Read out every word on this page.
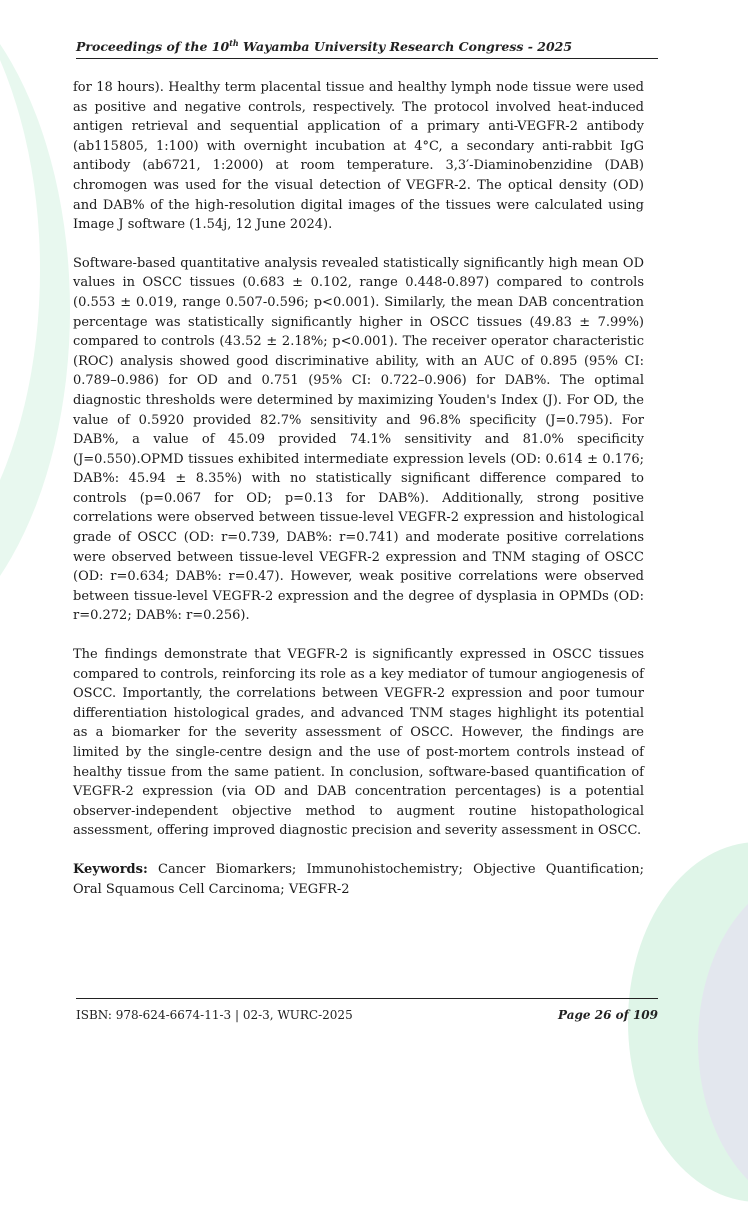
Proceedings of the 10th Wayamba University Research Congress - 2025

for 18 hours). Healthy term placental tissue and healthy lymph node tissue were used as positive and negative controls, respectively. The protocol involved heat-induced antigen retrieval and sequential application of a primary anti-VEGFR-2 antibody (ab115805, 1:100) with overnight incubation at 4°C, a secondary anti-rabbit IgG antibody (ab6721, 1:2000) at room temperature. 3,3′-Diaminobenzidine (DAB) chromogen was used for the visual detection of VEGFR-2. The optical density (OD) and DAB% of the high-resolution digital images of the tissues were calculated using Image J software (1.54j, 12 June 2024).

Software-based quantitative analysis revealed statistically significantly high mean OD values in OSCC tissues (0.683 ± 0.102, range 0.448-0.897) compared to controls (0.553 ± 0.019, range 0.507-0.596; p<0.001). Similarly, the mean DAB concentration percentage was statistically significantly higher in OSCC tissues (49.83 ± 7.99%) compared to controls (43.52 ± 2.18%; p<0.001). The receiver operator characteristic (ROC) analysis showed good discriminative ability, with an AUC of 0.895 (95% CI: 0.789–0.986) for OD and 0.751 (95% CI: 0.722–0.906) for DAB%. The optimal diagnostic thresholds were determined by maximizing Youden's Index (J). For OD, the value of 0.5920 provided 82.7% sensitivity and 96.8% specificity (J=0.795). For DAB%, a value of 45.09 provided 74.1% sensitivity and 81.0% specificity (J=0.550).OPMD tissues exhibited intermediate expression levels (OD: 0.614 ± 0.176; DAB%: 45.94 ± 8.35%) with no statistically significant difference compared to controls (p=0.067 for OD; p=0.13 for DAB%). Additionally, strong positive correlations were observed between tissue-level VEGFR-2 expression and histological grade of OSCC (OD: r=0.739, DAB%: r=0.741) and moderate positive correlations were observed between tissue-level VEGFR-2 expression and TNM staging of OSCC (OD: r=0.634; DAB%: r=0.47). However, weak positive correlations were observed between tissue-level VEGFR-2 expression and the degree of dysplasia in OPMDs (OD: r=0.272; DAB%: r=0.256).

The findings demonstrate that VEGFR-2 is significantly expressed in OSCC tissues compared to controls, reinforcing its role as a key mediator of tumour angiogenesis of OSCC. Importantly, the correlations between VEGFR-2 expression and poor tumour differentiation histological grades, and advanced TNM stages highlight its potential as a biomarker for the severity assessment of OSCC. However, the findings are limited by the single-centre design and the use of post-mortem controls instead of healthy tissue from the same patient. In conclusion, software-based quantification of VEGFR-2 expression (via OD and DAB concentration percentages) is a potential observer-independent objective method to augment routine histopathological assessment, offering improved diagnostic precision and severity assessment in OSCC.

Keywords: Cancer Biomarkers; Immunohistochemistry; Objective Quantification; Oral Squamous Cell Carcinoma; VEGFR-2

ISBN: 978-624-6674-11-3 | 02-3, WURC-2025	Page 26 of 109
